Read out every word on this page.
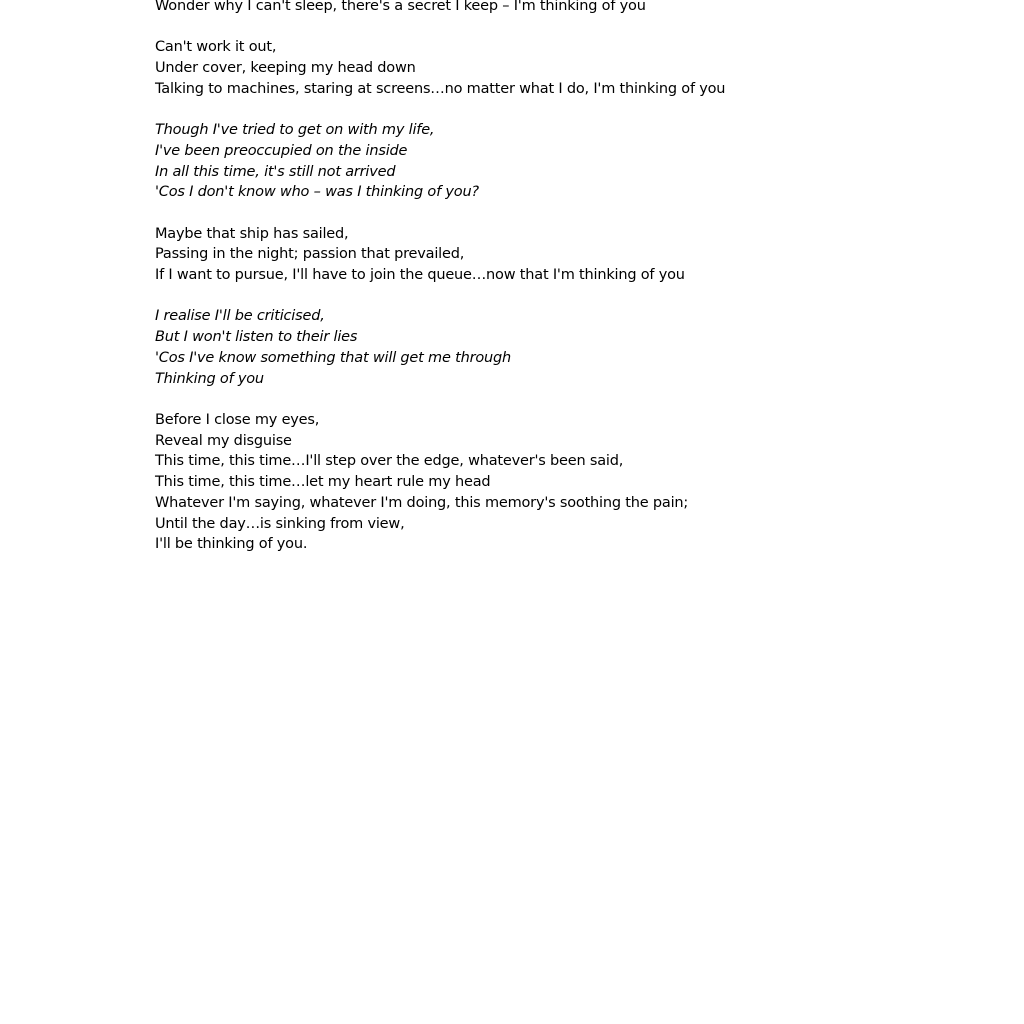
Wonder why I can't sleep, there's a secret I keep – I'm thinking of you
Can't work it out,
Under cover, keeping my head down
Talking to machines, staring at screens…no matter what I do, I'm thinking of you
Though I've tried to get on with my life,
I've been preoccupied on the inside
In all this time, it's still not arrived
'Cos I don't know who – was I thinking of you?
Maybe that ship has sailed,
Passing in the night; passion that prevailed,
If I want to pursue, I'll have to join the queue…now that I'm thinking of you
I realise I'll be criticised,
But I won't listen to their lies
'Cos I've know something that will get me through
Thinking of you
Before I close my eyes,
Reveal my disguise
This time, this time…I'll step over the edge, whatever's been said,
This time, this time…let my heart rule my head
Whatever I'm saying, whatever I'm doing, this memory's soothing the pain;
Until the day…is sinking from view,
I'll be thinking of you.
